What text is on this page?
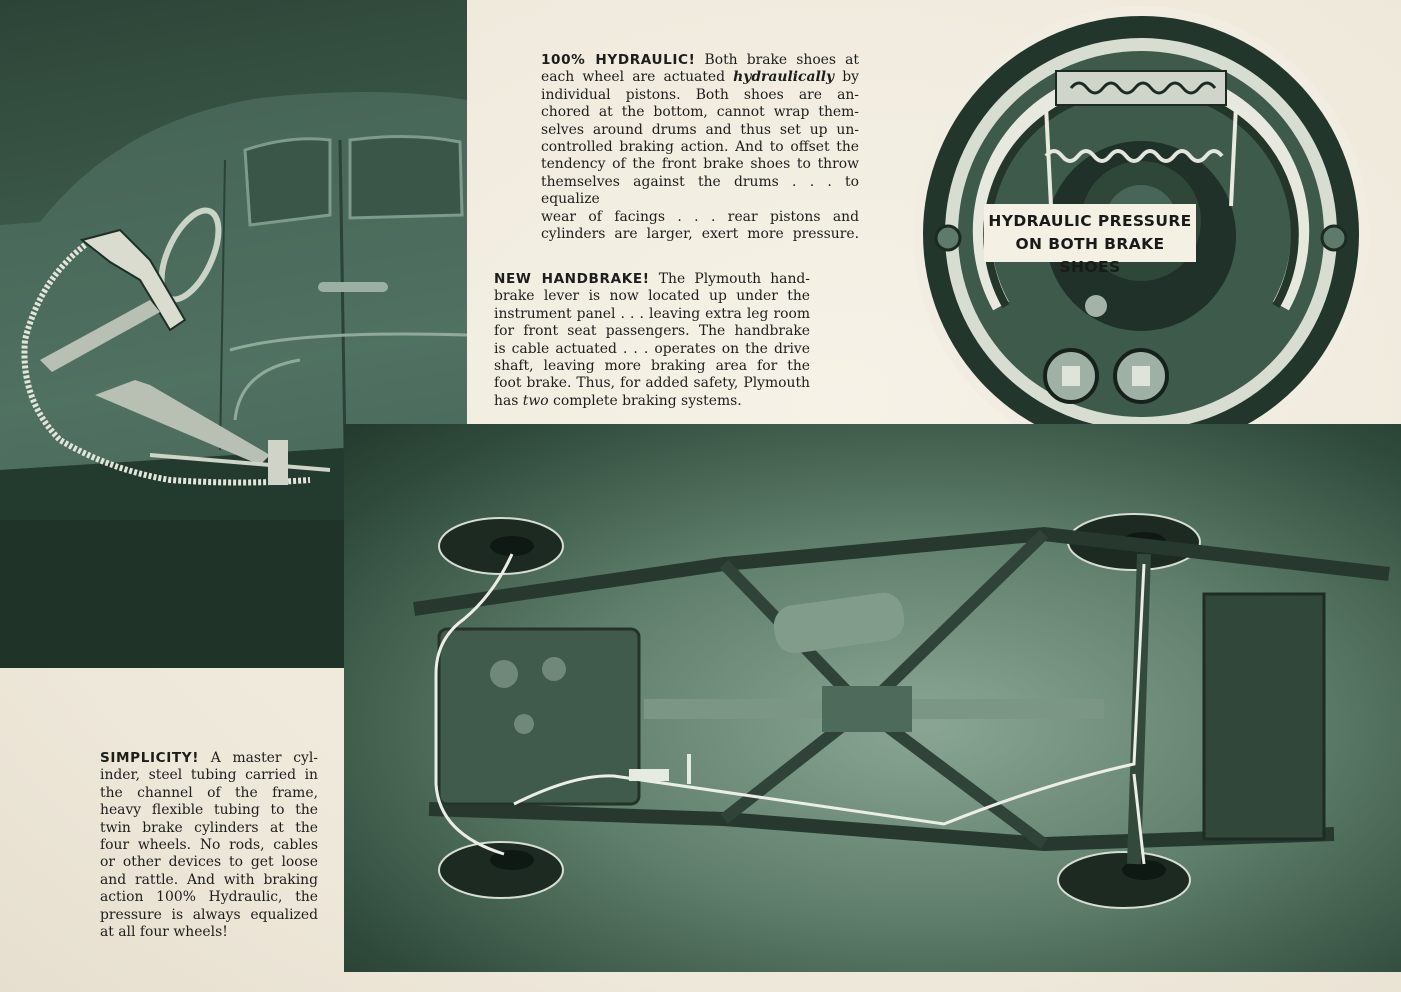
HYDRAULIC PRESSURE
ON BOTH BRAKE SHOES
100% HYDRAULIC! Both brake shoes at
each wheel are actuated hydraulically by
individual pistons. Both shoes are an-
chored at the bottom, cannot wrap them-
selves around drums and thus set up un-
controlled braking action. And to offset the
tendency of the front brake shoes to throw
themselves against the drums . . . to equalize
wear of facings . . . rear pistons and
cylinders are larger, exert more pressure.
NEW HANDBRAKE! The Plymouth hand-
brake lever is now located up under the
instrument panel . . . leaving extra leg room
for front seat passengers. The handbrake
is cable actuated . . . operates on the drive
shaft, leaving more braking area for the
foot brake. Thus, for added safety, Plymouth
has two complete braking systems.
SIMPLICITY! A master cyl-
inder, steel tubing carried in
the channel of the frame,
heavy flexible tubing to the
twin brake cylinders at the
four wheels. No rods, cables
or other devices to get loose
and rattle. And with braking
action 100% Hydraulic, the
pressure is always equalized
at all four wheels!
